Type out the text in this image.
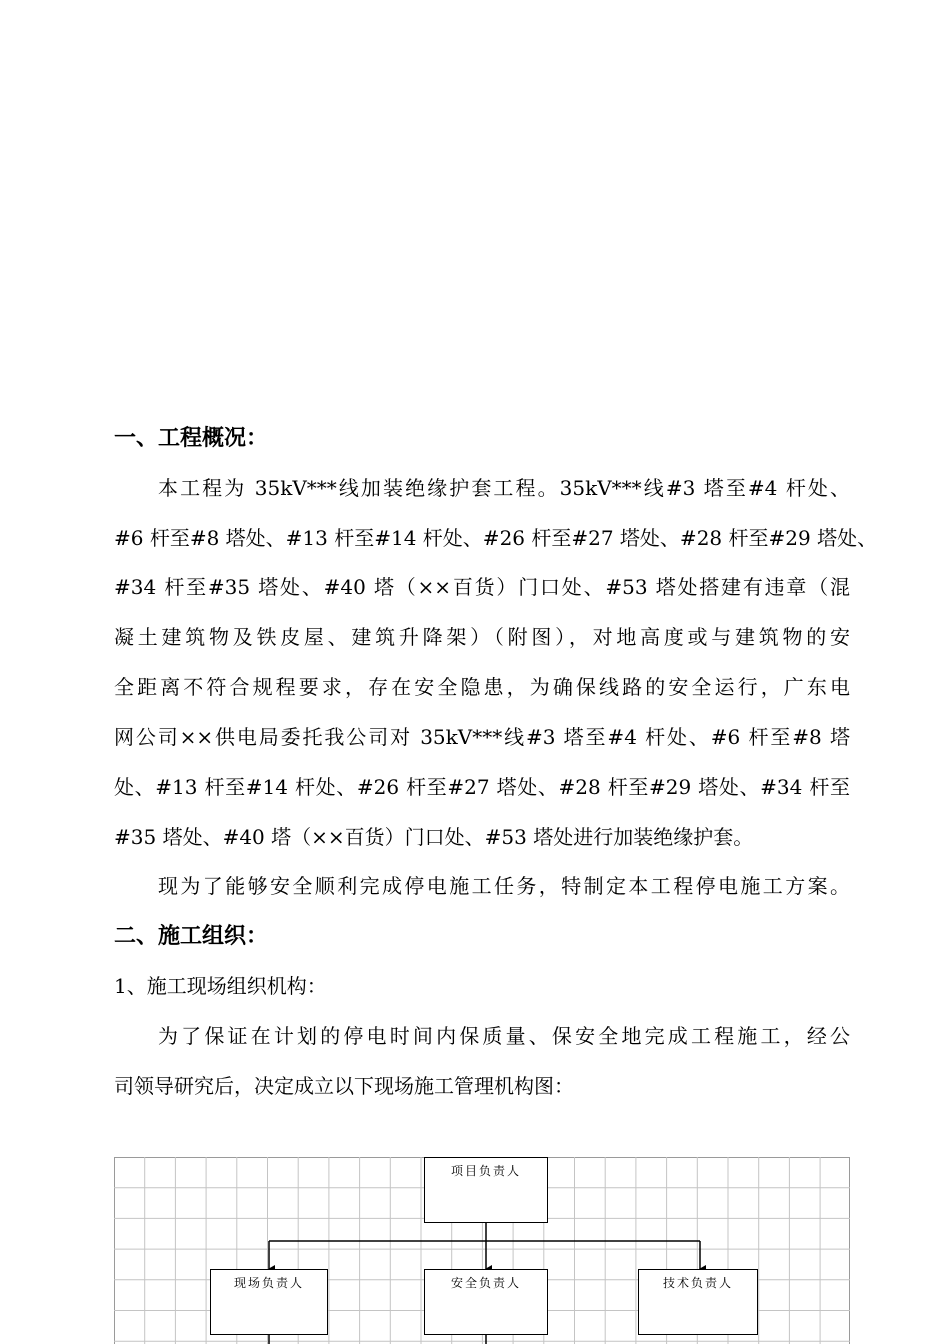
一、工程概况：

本工程为 35kV***线加装绝缘护套工程。35kV***线#3 塔至#4 杆处、

#6 杆至#8 塔处、#13 杆至#14 杆处、#26 杆至#27 塔处、#28 杆至#29 塔处、

#34 杆至#35 塔处、#40 塔（××百货）门口处、#53 塔处搭建有违章（混

凝土建筑物及铁皮屋、建筑升降架）（附图），对地高度或与建筑物的安

全距离不符合规程要求，存在安全隐患，为确保线路的安全运行，广东电

网公司××供电局委托我公司对 35kV***线#3 塔至#4 杆处、#6 杆至#8 塔

处、#13 杆至#14 杆处、#26 杆至#27 塔处、#28 杆至#29 塔处、#34 杆至

#35 塔处、#40 塔（××百货）门口处、#53 塔处进行加装绝缘护套。

现为了能够安全顺利完成停电施工任务，特制定本工程停电施工方案。

二、施工组织：

1、施工现场组织机构：

为了保证在计划的停电时间内保质量、保安全地完成工程施工，经公

司领导研究后，决定成立以下现场施工管理机构图：

项目负责人
现场负责人	安全负责人	技术负责人
